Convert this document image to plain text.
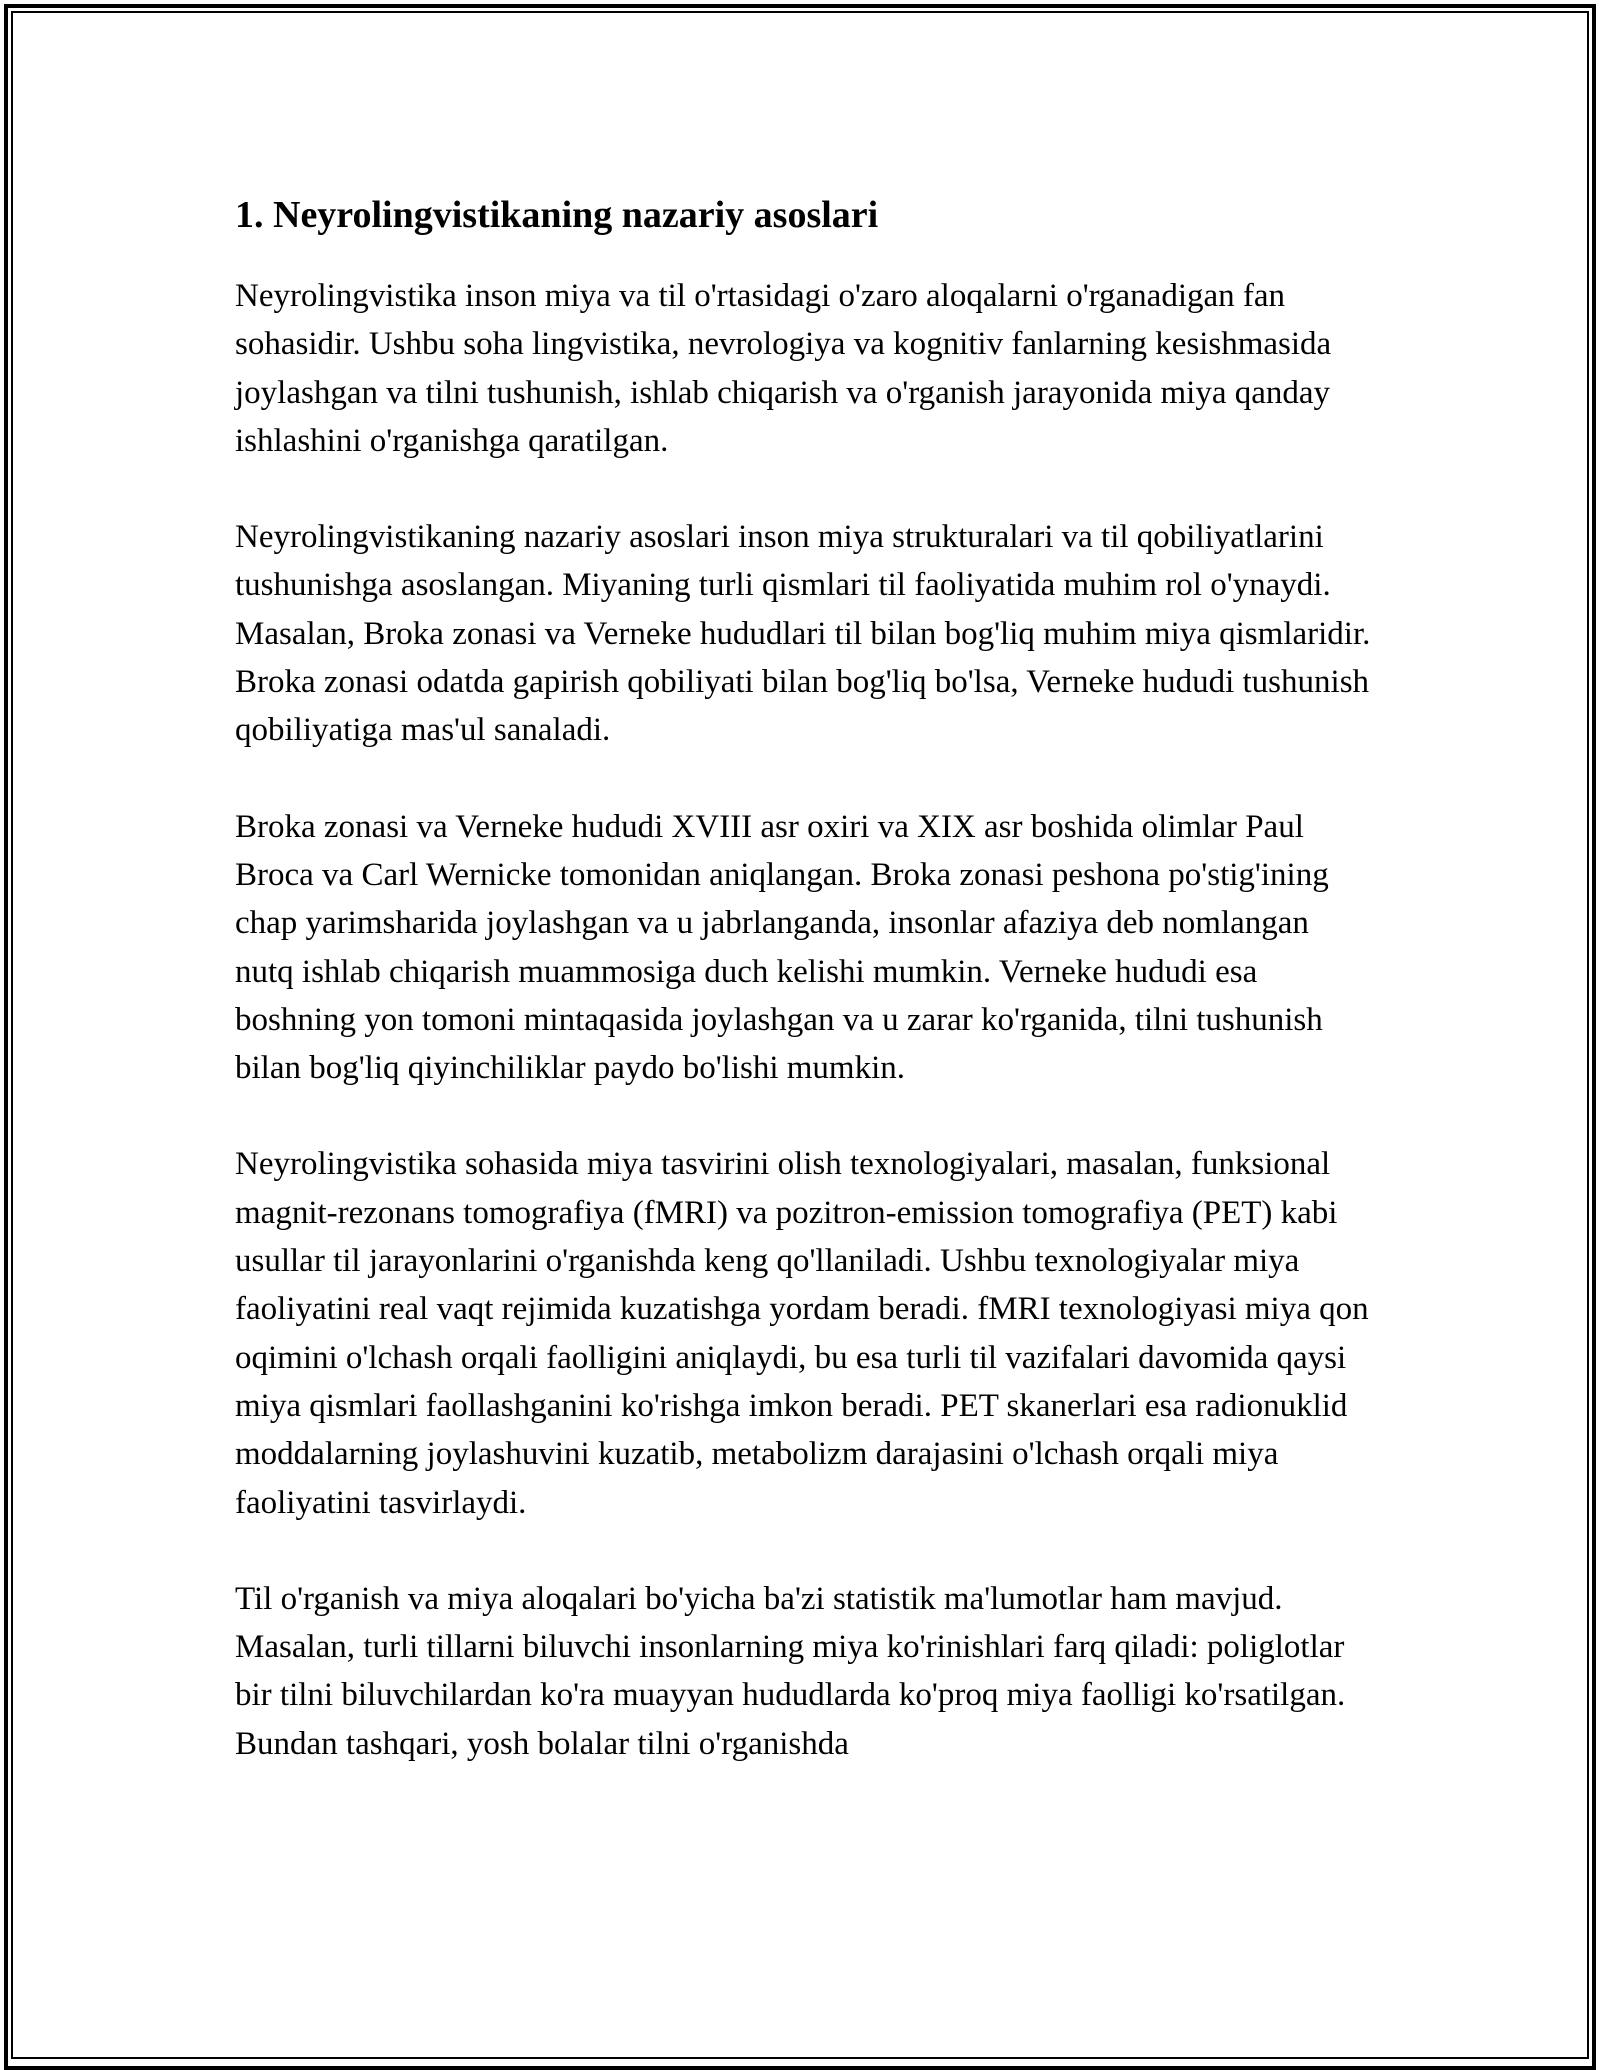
1. Neyrolingvistikaning nazariy asoslari

Neyrolingvistika inson miya va til o'rtasidagi o'zaro aloqalarni o'rganadigan fan sohasidir. Ushbu soha lingvistika, nevrologiya va kognitiv fanlarning kesishmasida joylashgan va tilni tushunish, ishlab chiqarish va o'rganish jarayonida miya qanday ishlashini o'rganishga qaratilgan.

Neyrolingvistikaning nazariy asoslari inson miya strukturalari va til qobiliyatlarini tushunishga asoslangan. Miyaning turli qismlari til faoliyatida muhim rol o'ynaydi. Masalan, Broka zonasi va Verneke hududlari til bilan bog'liq muhim miya qismlaridir. Broka zonasi odatda gapirish qobiliyati bilan bog'liq bo'lsa, Verneke hududi tushunish qobiliyatiga mas'ul sanaladi.

Broka zonasi va Verneke hududi XVIII asr oxiri va XIX asr boshida olimlar Paul Broca va Carl Wernicke tomonidan aniqlangan. Broka zonasi peshona po'stig'ining chap yarimsharida joylashgan va u jabrlanganda, insonlar afaziya deb nomlangan nutq ishlab chiqarish muammosiga duch kelishi mumkin. Verneke hududi esa boshning yon tomoni mintaqasida joylashgan va u zarar ko'rganida, tilni tushunish bilan bog'liq qiyinchiliklar paydo bo'lishi mumkin.

Neyrolingvistika sohasida miya tasvirini olish texnologiyalari, masalan, funksional magnit-rezonans tomografiya (fMRI) va pozitron-emission tomografiya (PET) kabi usullar til jarayonlarini o'rganishda keng qo'llaniladi. Ushbu texnologiyalar miya faoliyatini real vaqt rejimida kuzatishga yordam beradi. fMRI texnologiyasi miya qon oqimini o'lchash orqali faolligini aniqlaydi, bu esa turli til vazifalari davomida qaysi miya qismlari faollashganini ko'rishga imkon beradi. PET skanerlari esa radionuklid moddalarning joylashuvini kuzatib, metabolizm darajasini o'lchash orqali miya faoliyatini tasvirlaydi.

Til o'rganish va miya aloqalari bo'yicha ba'zi statistik ma'lumotlar ham mavjud. Masalan, turli tillarni biluvchi insonlarning miya ko'rinishlari farq qiladi: poliglotlar bir tilni biluvchilardan ko'ra muayyan hududlarda ko'proq miya faolligi ko'rsatilgan. Bundan tashqari, yosh bolalar tilni o'rganishda
